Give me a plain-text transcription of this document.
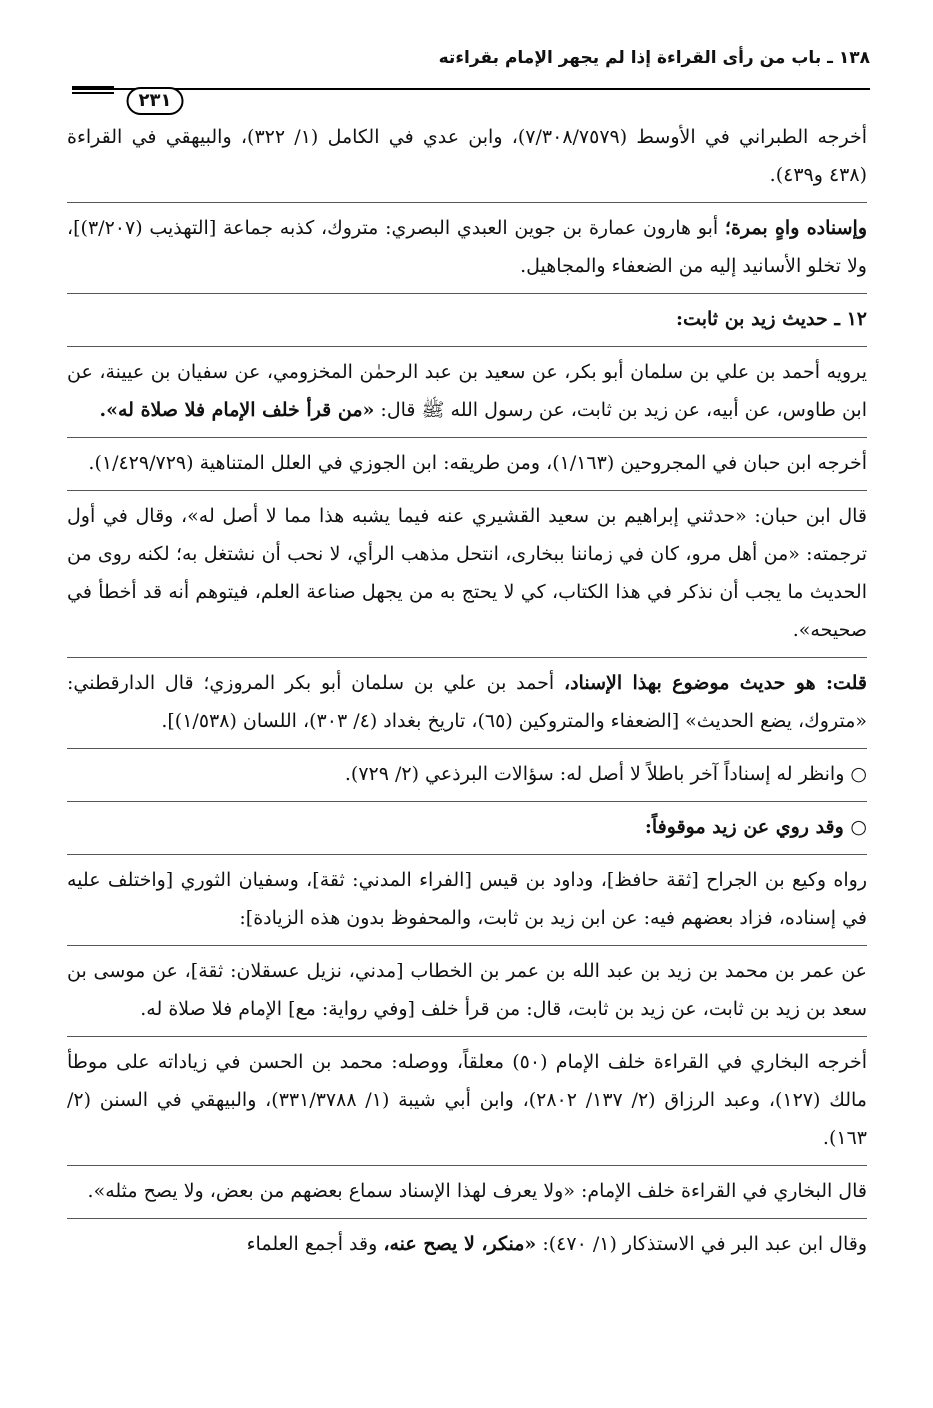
١٣٨ ـ باب من رأى القراءة إذا لم يجهر الإمام بقراءته
٢٣١

أخرجه الطبراني في الأوسط (٧/٣٠٨/٧٥٧٩)، وابن عدي في الكامل (١/ ٣٢٢)، والبيهقي في القراءة (٤٣٨ و٤٣٩).

وإسناده واهٍ بمرة؛ أبو هارون عمارة بن جوين العبدي البصري: متروك، كذبه جماعة [التهذيب (٣/٢٠٧)]، ولا تخلو الأسانيد إليه من الضعفاء والمجاهيل.

١٢ ـ حديث زيد بن ثابت:

يرويه أحمد بن علي بن سلمان أبو بكر، عن سعيد بن عبد الرحمٰن المخزومي، عن سفيان بن عيينة، عن ابن طاوس، عن أبيه، عن زيد بن ثابت، عن رسول الله ﷺ قال: «من قرأ خلف الإمام فلا صلاة له».

أخرجه ابن حبان في المجروحين (١/١٦٣)، ومن طريقه: ابن الجوزي في العلل المتناهية (١/٤٢٩/٧٢٩).

قال ابن حبان: «حدثني إبراهيم بن سعيد القشيري عنه فيما يشبه هذا مما لا أصل له»، وقال في أول ترجمته: «من أهل مرو، كان في زماننا ببخارى، انتحل مذهب الرأي، لا نحب أن نشتغل به؛ لكنه روى من الحديث ما يجب أن نذكر في هذا الكتاب، كي لا يحتج به من يجهل صناعة العلم، فيتوهم أنه قد أخطأ في صحيحه».

قلت: هو حديث موضوع بهذا الإسناد، أحمد بن علي بن سلمان أبو بكر المروزي؛ قال الدارقطني: «متروك، يضع الحديث» [الضعفاء والمتروكين (٦٥)، تاريخ بغداد (٤/ ٣٠٣)، اللسان (١/٥٣٨)].

○ وانظر له إسناداً آخر باطلاً لا أصل له: سؤالات البرذعي (٢/ ٧٢٩).

○ وقد روي عن زيد موقوفاً:

رواه وكيع بن الجراح [ثقة حافظ]، وداود بن قيس [الفراء المدني: ثقة]، وسفيان الثوري [واختلف عليه في إسناده، فزاد بعضهم فيه: عن ابن زيد بن ثابت، والمحفوظ بدون هذه الزيادة]:

عن عمر بن محمد بن زيد بن عبد الله بن عمر بن الخطاب [مدني، نزيل عسقلان: ثقة]، عن موسى بن سعد بن زيد بن ثابت، عن زيد بن ثابت، قال: من قرأ خلف [وفي رواية: مع] الإمام فلا صلاة له.

أخرجه البخاري في القراءة خلف الإمام (٥٠) معلقاً، ووصله: محمد بن الحسن في زياداته على موطأ مالك (١٢٧)، وعبد الرزاق (٢/ ١٣٧/ ٢٨٠٢)، وابن أبي شيبة (١/ ٣٣١/٣٧٨٨)، والبيهقي في السنن (٢/ ١٦٣).

قال البخاري في القراءة خلف الإمام: «ولا يعرف لهذا الإسناد سماع بعضهم من بعض، ولا يصح مثله».

وقال ابن عبد البر في الاستذكار (١/ ٤٧٠): «منكر، لا يصح عنه، وقد أجمع العلماء
